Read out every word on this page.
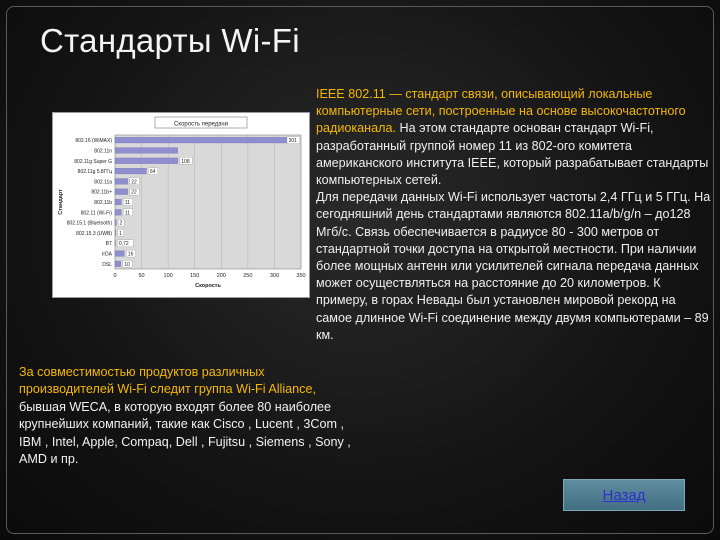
Стандарты Wi-Fi
Скорость передачи
0	50	100	150	200	250	300	350
802.16 (WiMAX)	301
802.11n
802.11g Super G	108
802.11g 5.8ГГц	64
802.11a	22
802.11b+	22
802.11b	11
802.11 (Wi-Fi)	11
802.15.1 (Bluetooth) 2
802.15.3 (UWB) 1
BT 0,72
IrDA	16
DSL 10
Скорость
Стандарт

IEEE 802.11 — стандарт связи, описывающий локальные компьютерные сети, построенные на основе высокочастотного радиоканала. На этом стандарте основан стандарт Wi-Fi, разработанный группой номер 11 из 802-ого комитета американского института IEEE, который разрабатывает стандарты компьютерных сетей.

Для передачи данных Wi-Fi использует частоты 2,4 ГГц и 5 ГГц. На сегодняшний день стандартами являются 802.11a/b/g/n – до128 Мгб/с. Связь обеспечивается в радиусе 80 - 300 метров от стандартной точки доступа на открытой местности. При наличии более мощных антенн или усилителей сигнала передача данных может осуществляться на расстояние до 20 километров. К примеру, в горах Невады был установлен мировой рекорд на самое длинное Wi-Fi соединение между двумя компьютерами – 89 км.

За совместимостью продуктов различных производителей Wi-Fi следит группа Wi-Fi Alliance, бывшая WECA, в которую входят более 80 наиболее крупнейших компаний, такие как Cisco , Lucent , 3Com , IBM , Intel, Apple, Compaq, Dell , Fujitsu , Siemens , Sony , AMD и пр.
Назад
